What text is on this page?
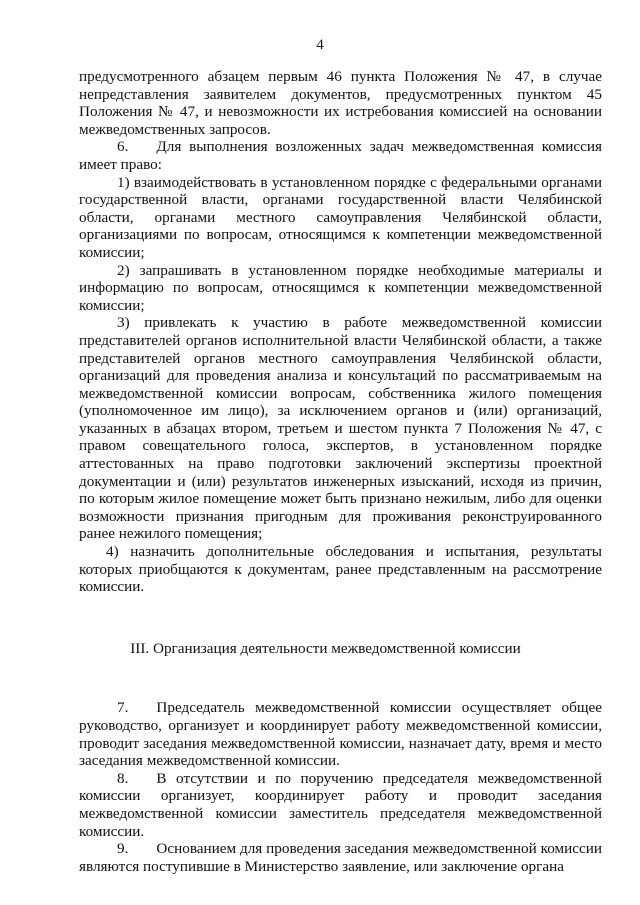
4

предусмотренного абзацем первым 46 пункта Положения № 47, в случае непредставления заявителем документов, предусмотренных пунктом 45 Положения № 47, и невозможности их истребования комиссией на основании межведомственных запросов.

6. Для выполнения возложенных задач межведомственная комиссия имеет право:

1) взаимодействовать в установленном порядке с федеральными органами государственной власти, органами государственной власти Челябинской области, органами местного самоуправления Челябинской области, организациями по вопросам, относящимся к компетенции межведомственной комиссии;

2) запрашивать в установленном порядке необходимые материалы и информацию по вопросам, относящимся к компетенции межведомственной комиссии;

3) привлекать к участию в работе межведомственной комиссии представителей органов исполнительной власти Челябинской области, а также представителей органов местного самоуправления Челябинской области, организаций для проведения анализа и консультаций по рассматриваемым на межведомственной комиссии вопросам, собственника жилого помещения (уполномоченное им лицо), за исключением органов и (или) организаций, указанных в абзацах втором, третьем и шестом пункта 7 Положения № 47, с правом совещательного голоса, экспертов, в установленном порядке аттестованных на право подготовки заключений экспертизы проектной документации и (или) результатов инженерных изысканий, исходя из причин, по которым жилое помещение может быть признано нежилым, либо для оценки возможности признания пригодным для проживания реконструированного ранее нежилого помещения;

4) назначить дополнительные обследования и испытания, результаты которых приобщаются к документам, ранее представленным на рассмотрение комиссии.

III. Организация деятельности межведомственной комиссии

7. Председатель межведомственной комиссии осуществляет общее руководство, организует и координирует работу межведомственной комиссии, проводит заседания межведомственной комиссии, назначает дату, время и место заседания межведомственной комиссии.

8. В отсутствии и по поручению председателя межведомственной комиссии организует, координирует работу и проводит заседания межведомственной комиссии заместитель председателя межведомственной комиссии.

9. Основанием для проведения заседания межведомственной комиссии являются поступившие в Министерство заявление, или заключение органа
